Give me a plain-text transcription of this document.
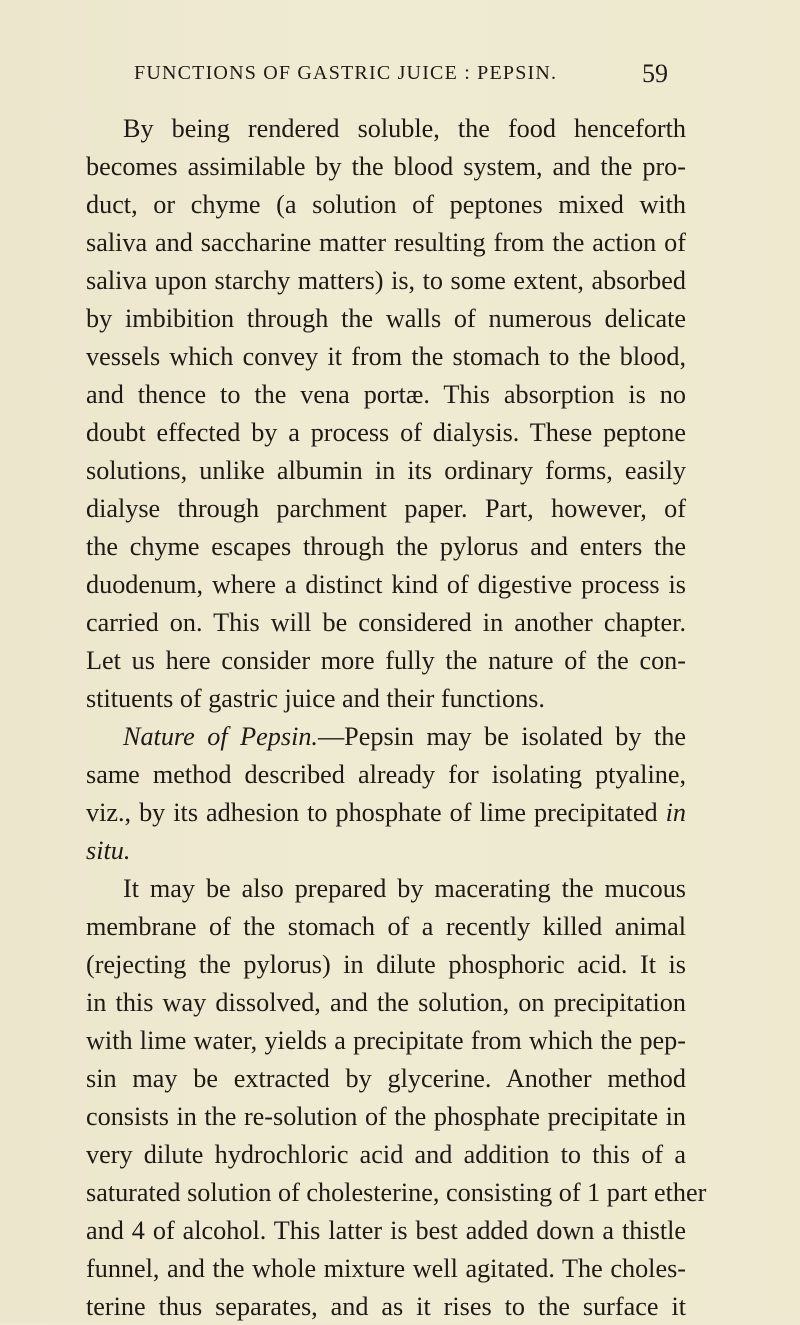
FUNCTIONS OF GASTRIC JUICE : PEPSIN.	59
By being rendered soluble, the food henceforth
becomes assimilable by the blood system, and the pro-
duct, or chyme (a solution of peptones mixed with
saliva and saccharine matter resulting from the action of
saliva upon starchy matters) is, to some extent, absorbed
by imbibition through the walls of numerous delicate
vessels which convey it from the stomach to the blood,
and thence to the vena portæ. This absorption is no
doubt effected by a process of dialysis. These peptone
solutions, unlike albumin in its ordinary forms, easily
dialyse through parchment paper. Part, however, of
the chyme escapes through the pylorus and enters the
duodenum, where a distinct kind of digestive process is
carried on. This will be considered in another chapter.
Let us here consider more fully the nature of the con-
stituents of gastric juice and their functions.
Nature of Pepsin.—Pepsin may be isolated by the
same method described already for isolating ptyaline,
viz., by its adhesion to phosphate of lime precipitated in
situ.
It may be also prepared by macerating the mucous
membrane of the stomach of a recently killed animal
(rejecting the pylorus) in dilute phosphoric acid. It is
in this way dissolved, and the solution, on precipitation
with lime water, yields a precipitate from which the pep-
sin may be extracted by glycerine. Another method
consists in the re-solution of the phosphate precipitate in
very dilute hydrochloric acid and addition to this of a
saturated solution of cholesterine, consisting of 1 part ether
and 4 of alcohol. This latter is best added down a thistle
funnel, and the whole mixture well agitated. The choles-
terine thus separates, and as it rises to the surface it
